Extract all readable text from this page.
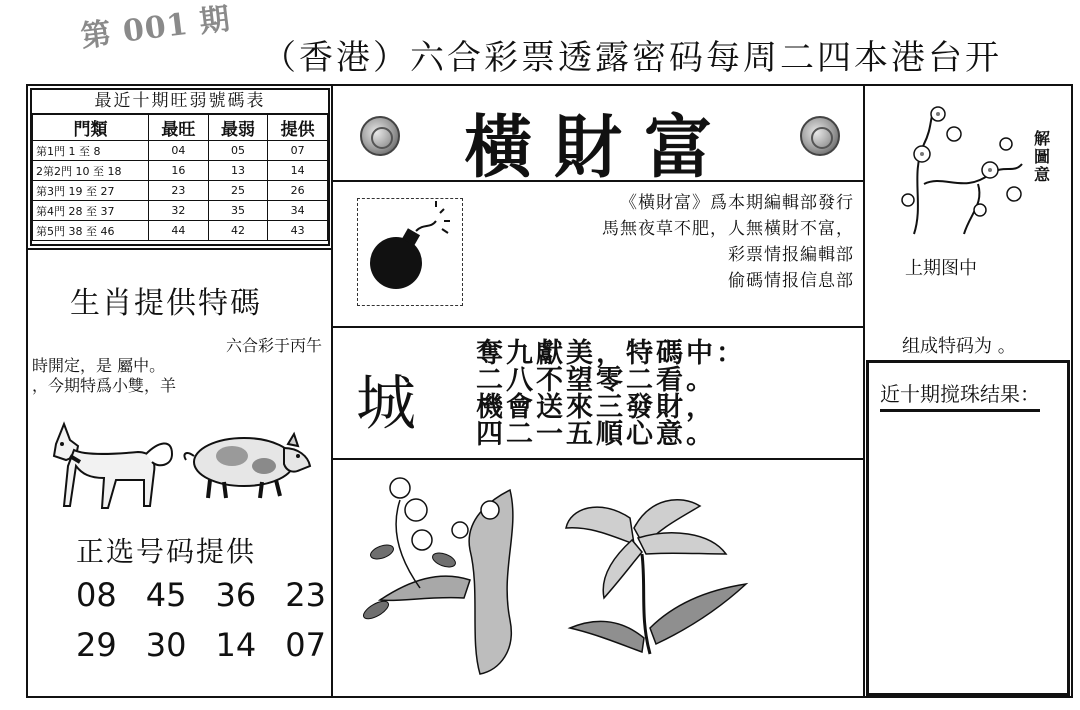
第 001 期
（香港）六合彩票透露密码每周二四本港台开
最近十期旺弱號碼表
門類	最旺	最弱	提供
第1門 1 至 8	04	05	07
2第2門 10 至 18	16	13	14
第3門 19 至 27	23	25	26
第4門 28 至 37	32	35	34
第5門 38 至 46	44	42	43
生肖提供特碼
六合彩于丙午
時開定，是 屬中。
，今期特爲小雙，羊
正选号码提供
08 45 36 23
29 30 14 07
橫財富
《橫財富》爲本期編輯部發行
馬無夜草不肥，人無橫財不富，
彩票情报編輯部
偷碼情报信息部
城
奪九獻美，特碼中：
二八不望零二看。
機會送來三發財，
四二一五順心意。
解圖意
上期图中
组成特码为 。
近十期搅珠结果：
